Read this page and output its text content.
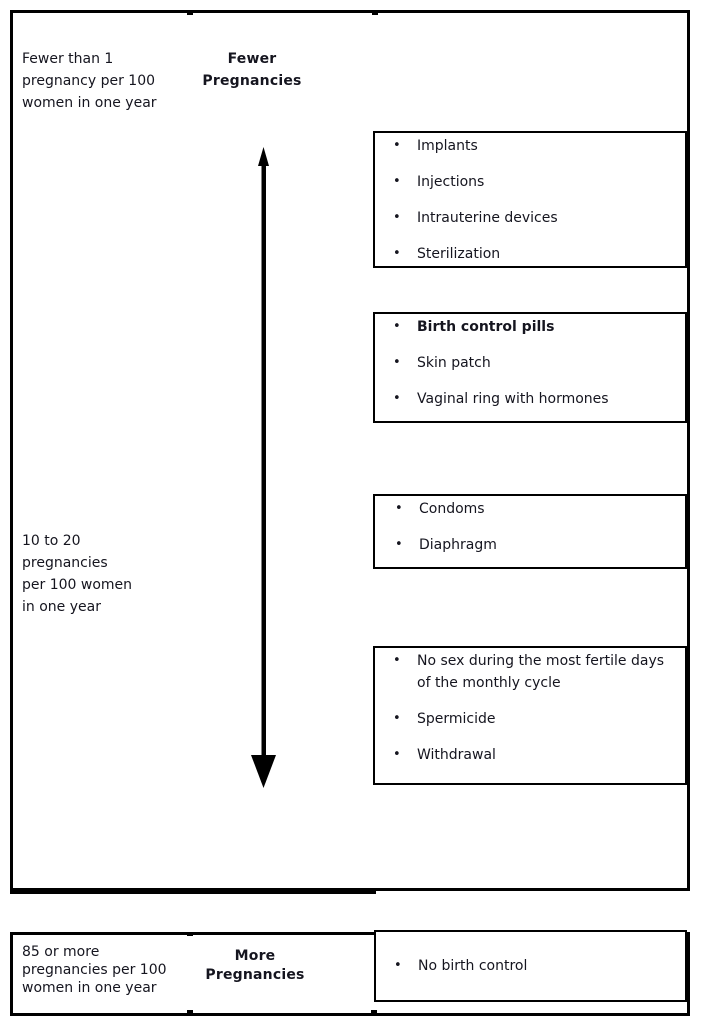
Fewer than 1
pregnancy per 100
women in one year
Fewer
Pregnancies
10 to 20
pregnancies
per 100 women
in one year
•	Implants
•	Injections
•	Intrauterine devices
•	Sterilization
•	Birth control pills
•	Skin patch
•	Vaginal ring with hormones
•	Condoms
•	Diaphragm
•	No sex during the most fertile days of the monthly cycle
•	Spermicide
•	Withdrawal
85 or more
pregnancies per 100
women in one year
More
Pregnancies
•	No birth control
